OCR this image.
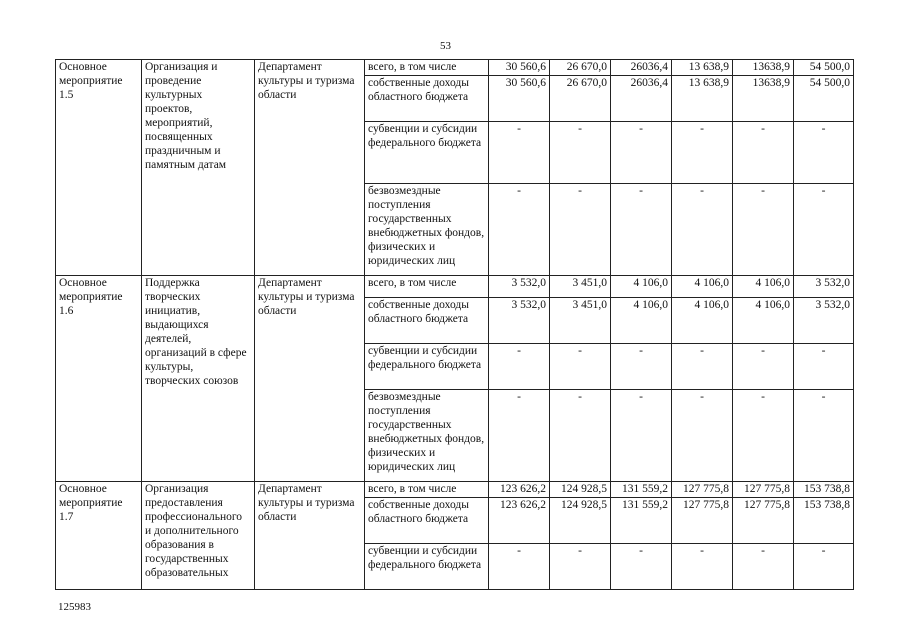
53
Основное мероприятие 1.5	Организация и проведение культурных проектов, мероприятий, посвященных праздничным и памятным датам	Департамент культуры и туризма области	всего, в том числе	30 560,6	26 670,0	26036,4	13 638,9	13638,9	54 500,0
			собственные доходы областного бюджета	30 560,6	26 670,0	26036,4	13 638,9	13638,9	54 500,0
			субвенции и субсидии федерального бюджета	-	-	-	-	-	-
			безвозмездные поступления государственных внебюджетных фондов, физических и юридических лиц	-	-	-	-	-	-
Основное мероприятие 1.6	Поддержка творческих инициатив, выдающихся деятелей, организаций в сфере культуры, творческих союзов	Департамент культуры и туризма области	всего, в том числе	3 532,0	3 451,0	4 106,0	4 106,0	4 106,0	3 532,0
			собственные доходы областного бюджета	3 532,0	3 451,0	4 106,0	4 106,0	4 106,0	3 532,0
			субвенции и субсидии федерального бюджета	-	-	-	-	-	-
			безвозмездные поступления государственных внебюджетных фондов, физических и юридических лиц	-	-	-	-	-	-
Основное мероприятие 1.7	Организация предоставления профессионального и дополнительного образования в государственных образовательных	Департамент культуры и туризма области	всего, в том числе	123 626,2	124 928,5	131 559,2	127 775,8	127 775,8	153 738,8
			собственные доходы областного бюджета	123 626,2	124 928,5	131 559,2	127 775,8	127 775,8	153 738,8
			субвенции и субсидии федерального бюджета	-	-	-	-	-	-
125983
